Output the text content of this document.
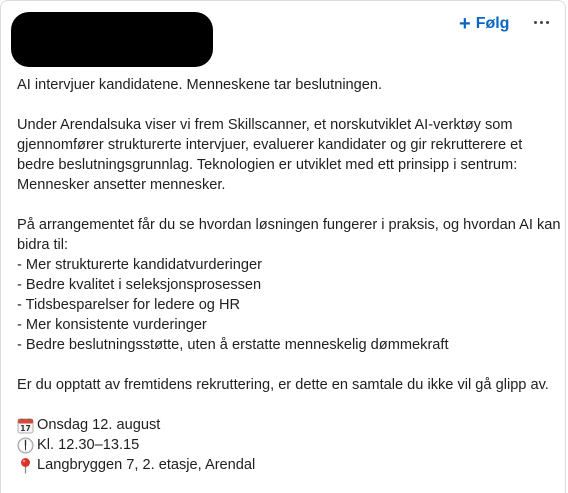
+ Følg
AI intervjuer kandidatene. Menneskene tar beslutningen.
Under Arendalsuka viser vi frem Skillscanner, et norskutviklet AI-verktøy som
gjennomfører strukturerte intervjuer, evaluerer kandidater og gir rekrutterere et
bedre beslutningsgrunnlag. Teknologien er utviklet med ett prinsipp i sentrum:
Mennesker ansetter mennesker.
På arrangementet får du se hvordan løsningen fungerer i praksis, og hvordan AI kan
bidra til:
- Mer strukturerte kandidatvurderinger
- Bedre kvalitet i seleksjonsprosessen
- Tidsbesparelser for ledere og HR
- Mer konsistente vurderinger
- Bedre beslutningsstøtte, uten å erstatte menneskelig dømmekraft
Er du opptatt av fremtidens rekruttering, er dette en samtale du ikke vil gå glipp av.
17 Onsdag 12. august
Kl. 12.30–13.15
Langbryggen 7, 2. etasje, Arendal
